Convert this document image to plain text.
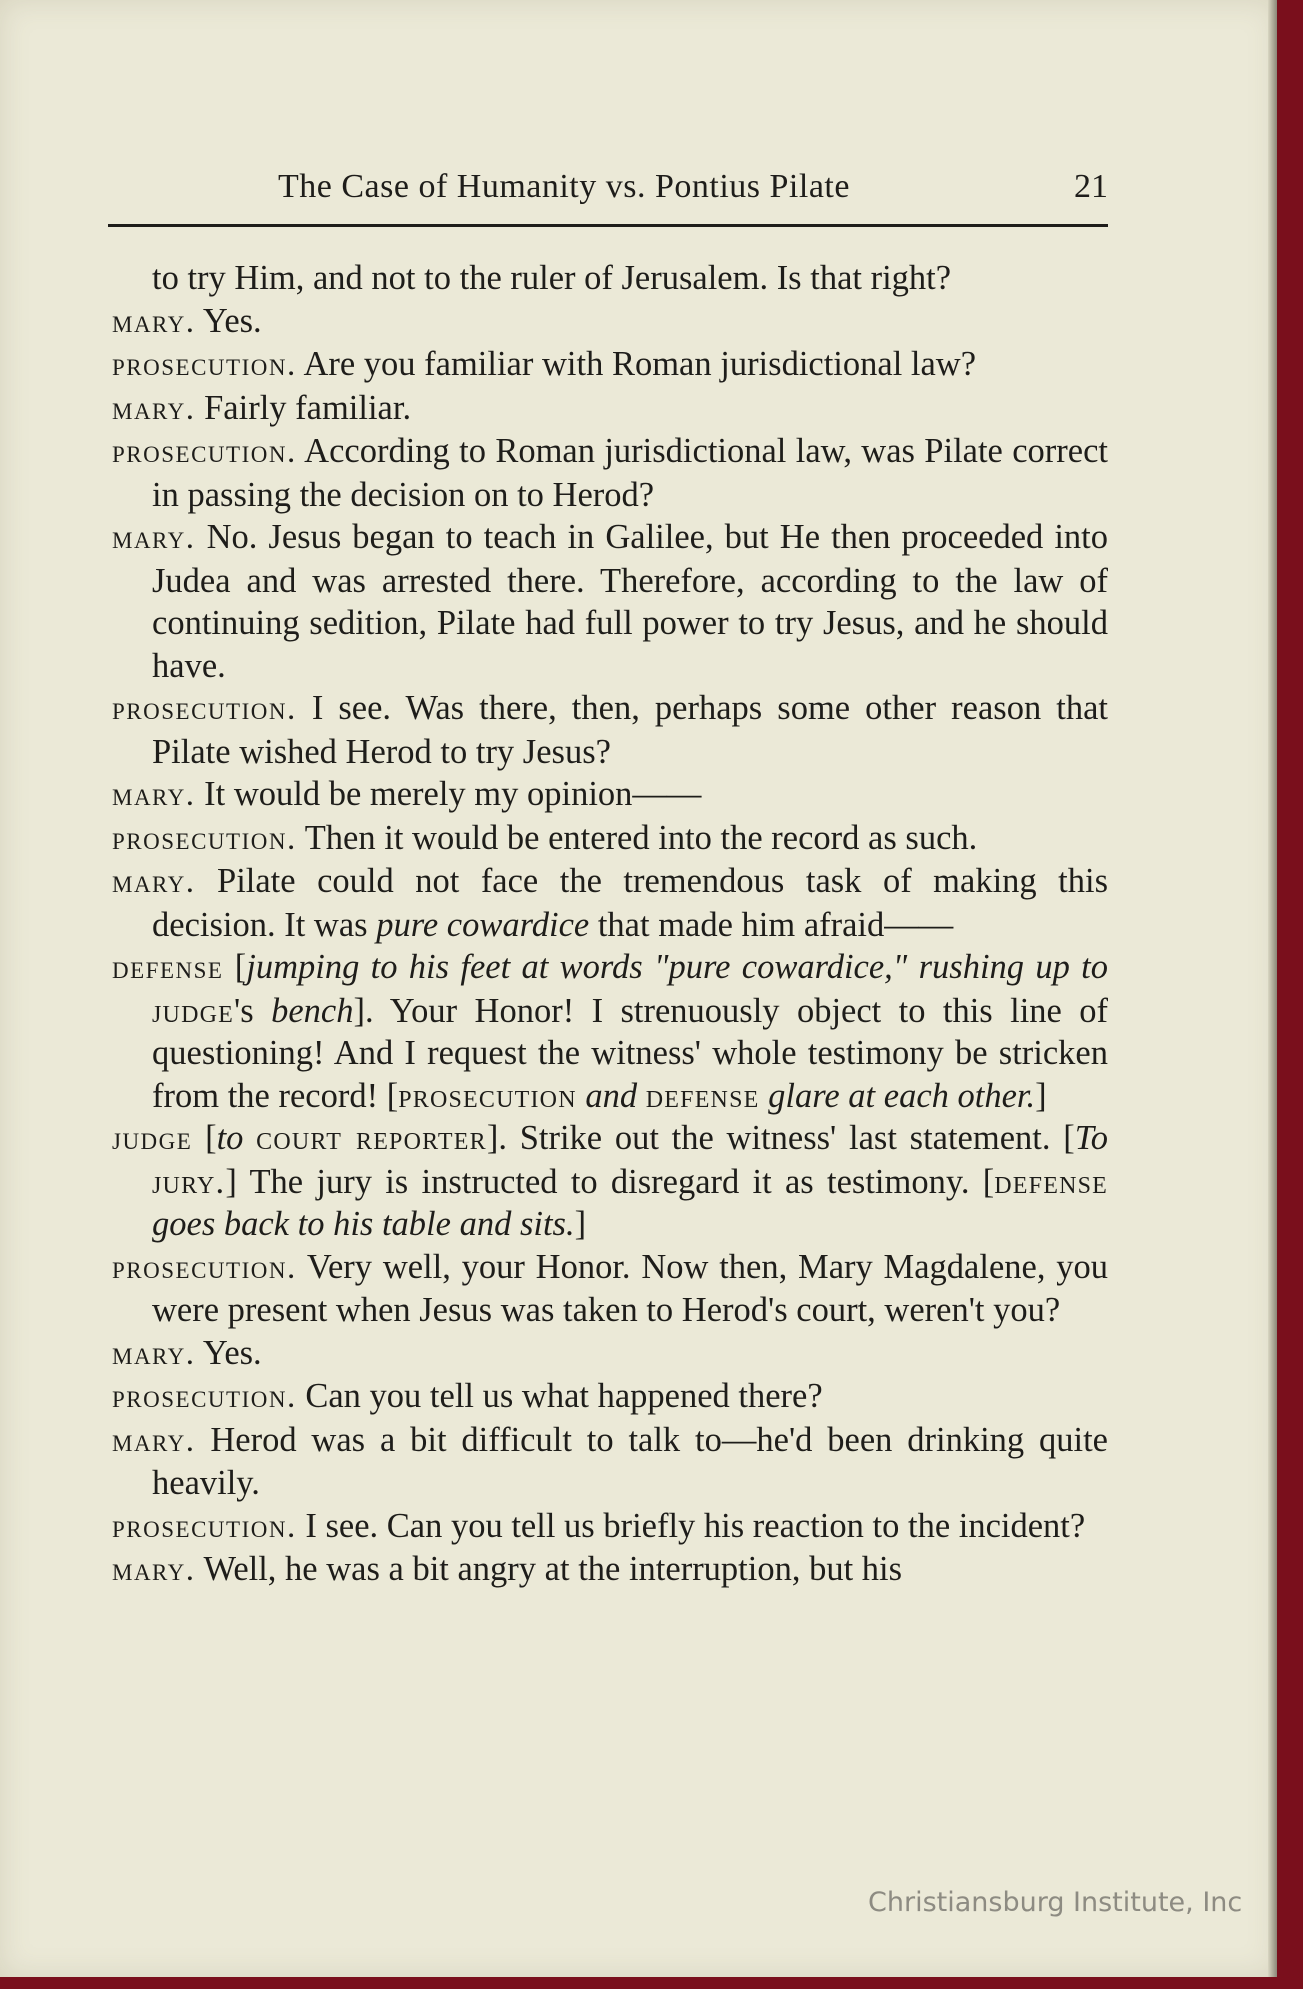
The Case of Humanity vs. Pontius Pilate	21
to try Him, and not to the ruler of Jerusalem. Is that right?
mary. Yes.
prosecution. Are you familiar with Roman jurisdictional law?
mary. Fairly familiar.
prosecution. According to Roman jurisdictional law, was Pilate correct in passing the decision on to Herod?
mary. No. Jesus began to teach in Galilee, but He then proceeded into Judea and was arrested there. Therefore, according to the law of continuing sedition, Pilate had full power to try Jesus, and he should have.
prosecution. I see. Was there, then, perhaps some other reason that Pilate wished Herod to try Jesus?
mary. It would be merely my opinion——
prosecution. Then it would be entered into the record as such.
mary. Pilate could not face the tremendous task of making this decision. It was pure cowardice that made him afraid——
defense [jumping to his feet at words "pure cowardice," rushing up to judge's bench]. Your Honor! I strenuously object to this line of questioning! And I request the witness' whole testimony be stricken from the record! [prosecution and defense glare at each other.]
judge [to court reporter]. Strike out the witness' last statement. [To jury.] The jury is instructed to disregard it as testimony. [defense goes back to his table and sits.]
prosecution. Very well, your Honor. Now then, Mary Magdalene, you were present when Jesus was taken to Herod's court, weren't you?
mary. Yes.
prosecution. Can you tell us what happened there?
mary. Herod was a bit difficult to talk to—he'd been drinking quite heavily.
prosecution. I see. Can you tell us briefly his reaction to the incident?
mary. Well, he was a bit angry at the interruption, but his
Christiansburg Institute, Inc
